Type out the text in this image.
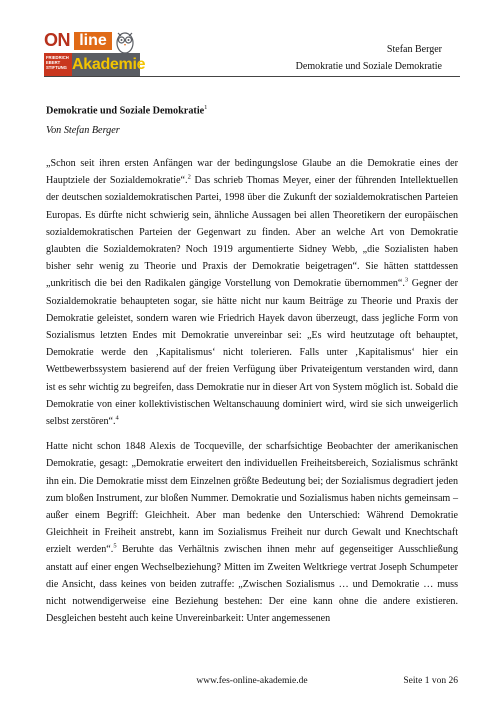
ON line
FRIEDRICH EBERT STIFTUNG Akademie
Stefan Berger
Demokratie und Soziale Demokratie
Demokratie und Soziale Demokratie$^1$
Von Stefan Berger

„Schon seit ihren ersten Anfängen war der bedingungslose Glaube an die Demokratie eines der Hauptziele der Sozialdemokratie“.$^2$ Das schrieb Thomas Meyer, einer der führenden Intellektuellen der deutschen sozialdemokratischen Partei, 1998 über die Zukunft der sozialdemokratischen Parteien Europas. Es dürfte nicht schwierig sein, ähnliche Aussagen bei allen Theoretikern der europäischen sozialdemokratischen Parteien der Gegenwart zu finden. Aber an welche Art von Demokratie glaubten die Sozialdemokraten? Noch 1919 argumentierte Sidney Webb, „die Sozialisten haben bisher sehr wenig zu Theorie und Praxis der Demokratie beigetragen“. Sie hätten stattdessen „unkritisch die bei den Radikalen gängige Vorstellung von Demokratie übernommen“.$^3$ Gegner der Sozialdemokratie behaupteten sogar, sie hätte nicht nur kaum Beiträge zu Theorie und Praxis der Demokratie geleistet, sondern waren wie Friedrich Hayek davon überzeugt, dass jegliche Form von Sozialismus letzten Endes mit Demokratie unvereinbar sei: „Es wird heutzutage oft behauptet, Demokratie werde den ‚Kapitalismus‘ nicht tolerieren. Falls unter ‚Kapitalismus‘ hier ein Wettbewerbssystem basierend auf der freien Verfügung über Privateigentum verstanden wird, dann ist es sehr wichtig zu begreifen, dass Demokratie nur in dieser Art von System möglich ist. Sobald die Demokratie von einer kollektivistischen Weltanschauung dominiert wird, wird sie sich unweigerlich selbst zerstören“.$^4$

Hatte nicht schon 1848 Alexis de Tocqueville, der scharfsichtige Beobachter der amerikanischen Demokratie, gesagt: „Demokratie erweitert den individuellen Freiheitsbereich, Sozialismus schränkt ihn ein. Die Demokratie misst dem Einzelnen größte Bedeutung bei; der Sozialismus degradiert jeden zum bloßen Instrument, zur bloßen Nummer. Demokratie und Sozialismus haben nichts gemeinsam – außer einem Begriff: Gleichheit. Aber man bedenke den Unterschied: Während Demokratie Gleichheit in Freiheit anstrebt, kann im Sozialismus Freiheit nur durch Gewalt und Knechtschaft erzielt werden“.$^5$ Beruhte das Verhältnis zwischen ihnen mehr auf gegenseitiger Ausschließung anstatt auf einer engen Wechselbeziehung? Mitten im Zweiten Weltkriege vertrat Joseph Schumpeter die Ansicht, dass keines von beiden zutraffe: „Zwischen Sozialismus … und Demokratie … muss nicht notwendigerweise eine Beziehung bestehen: Der eine kann ohne die andere existieren. Desgleichen besteht auch keine Unvereinbarkeit: Unter angemessenen

www.fes-online-akademie.de	Seite 1 von 26
